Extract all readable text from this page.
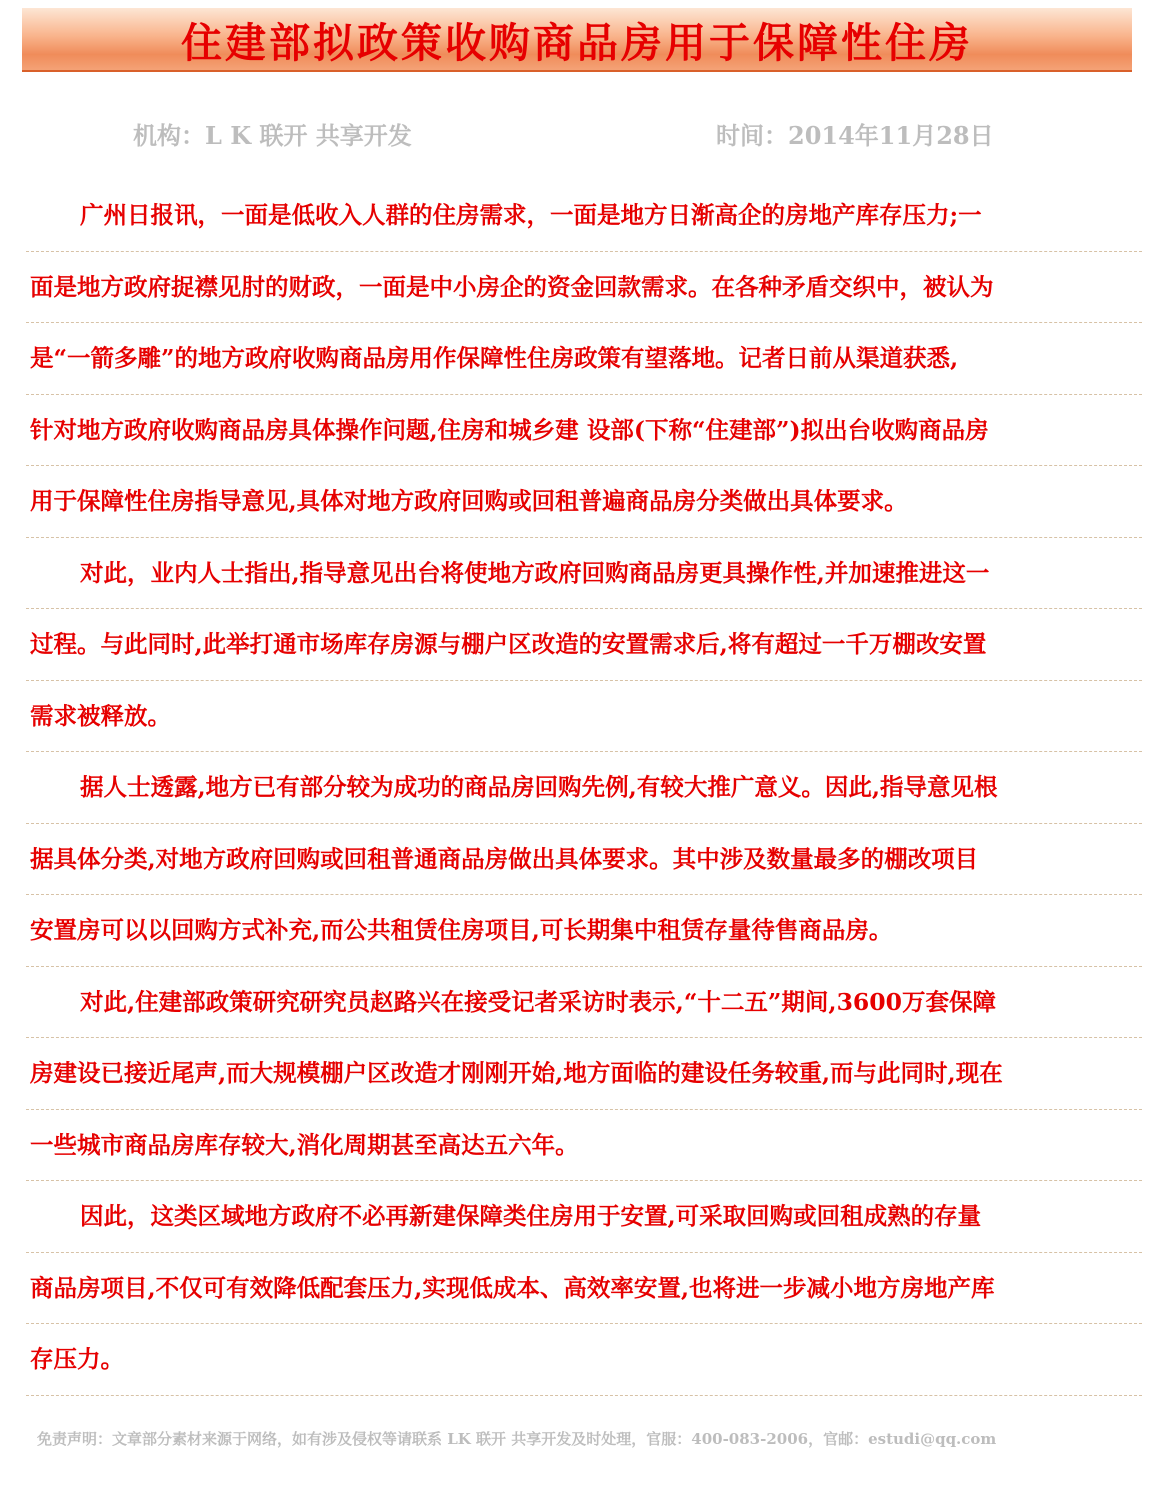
住建部拟政策收购商品房用于保障性住房
机构：L K 联开 共享开发	时间：2014年11月28日
广州日报讯，一面是低收入人群的住房需求，一面是地方日渐高企的房地产库存压力;一
面是地方政府捉襟见肘的财政，一面是中小房企的资金回款需求。在各种矛盾交织中，被认为
是“一箭多雕”的地方政府收购商品房用作保障性住房政策有望落地。记者日前从渠道获悉,
针对地方政府收购商品房具体操作问题,住房和城乡建 设部(下称“住建部”)拟出台收购商品房
用于保障性住房指导意见,具体对地方政府回购或回租普遍商品房分类做出具体要求。
对此，业内人士指出,指导意见出台将使地方政府回购商品房更具操作性,并加速推进这一
过程。与此同时,此举打通市场库存房源与棚户区改造的安置需求后,将有超过一千万棚改安置
需求被释放。
据人士透露,地方已有部分较为成功的商品房回购先例,有较大推广意义。因此,指导意见根
据具体分类,对地方政府回购或回租普通商品房做出具体要求。其中涉及数量最多的棚改项目
安置房可以以回购方式补充,而公共租赁住房项目,可长期集中租赁存量待售商品房。
对此,住建部政策研究研究员赵路兴在接受记者采访时表示,“十二五”期间,3600万套保障
房建设已接近尾声,而大规模棚户区改造才刚刚开始,地方面临的建设任务较重,而与此同时,现在
一些城市商品房库存较大,消化周期甚至高达五六年。
因此，这类区域地方政府不必再新建保障类住房用于安置,可采取回购或回租成熟的存量
商品房项目,不仅可有效降低配套压力,实现低成本、高效率安置,也将进一步减小地方房地产库
存压力。
免责声明：文章部分素材来源于网络，如有涉及侵权等请联系 LK 联开 共享开发及时处理，官服：400-083-2006，官邮：estudi@qq.com
